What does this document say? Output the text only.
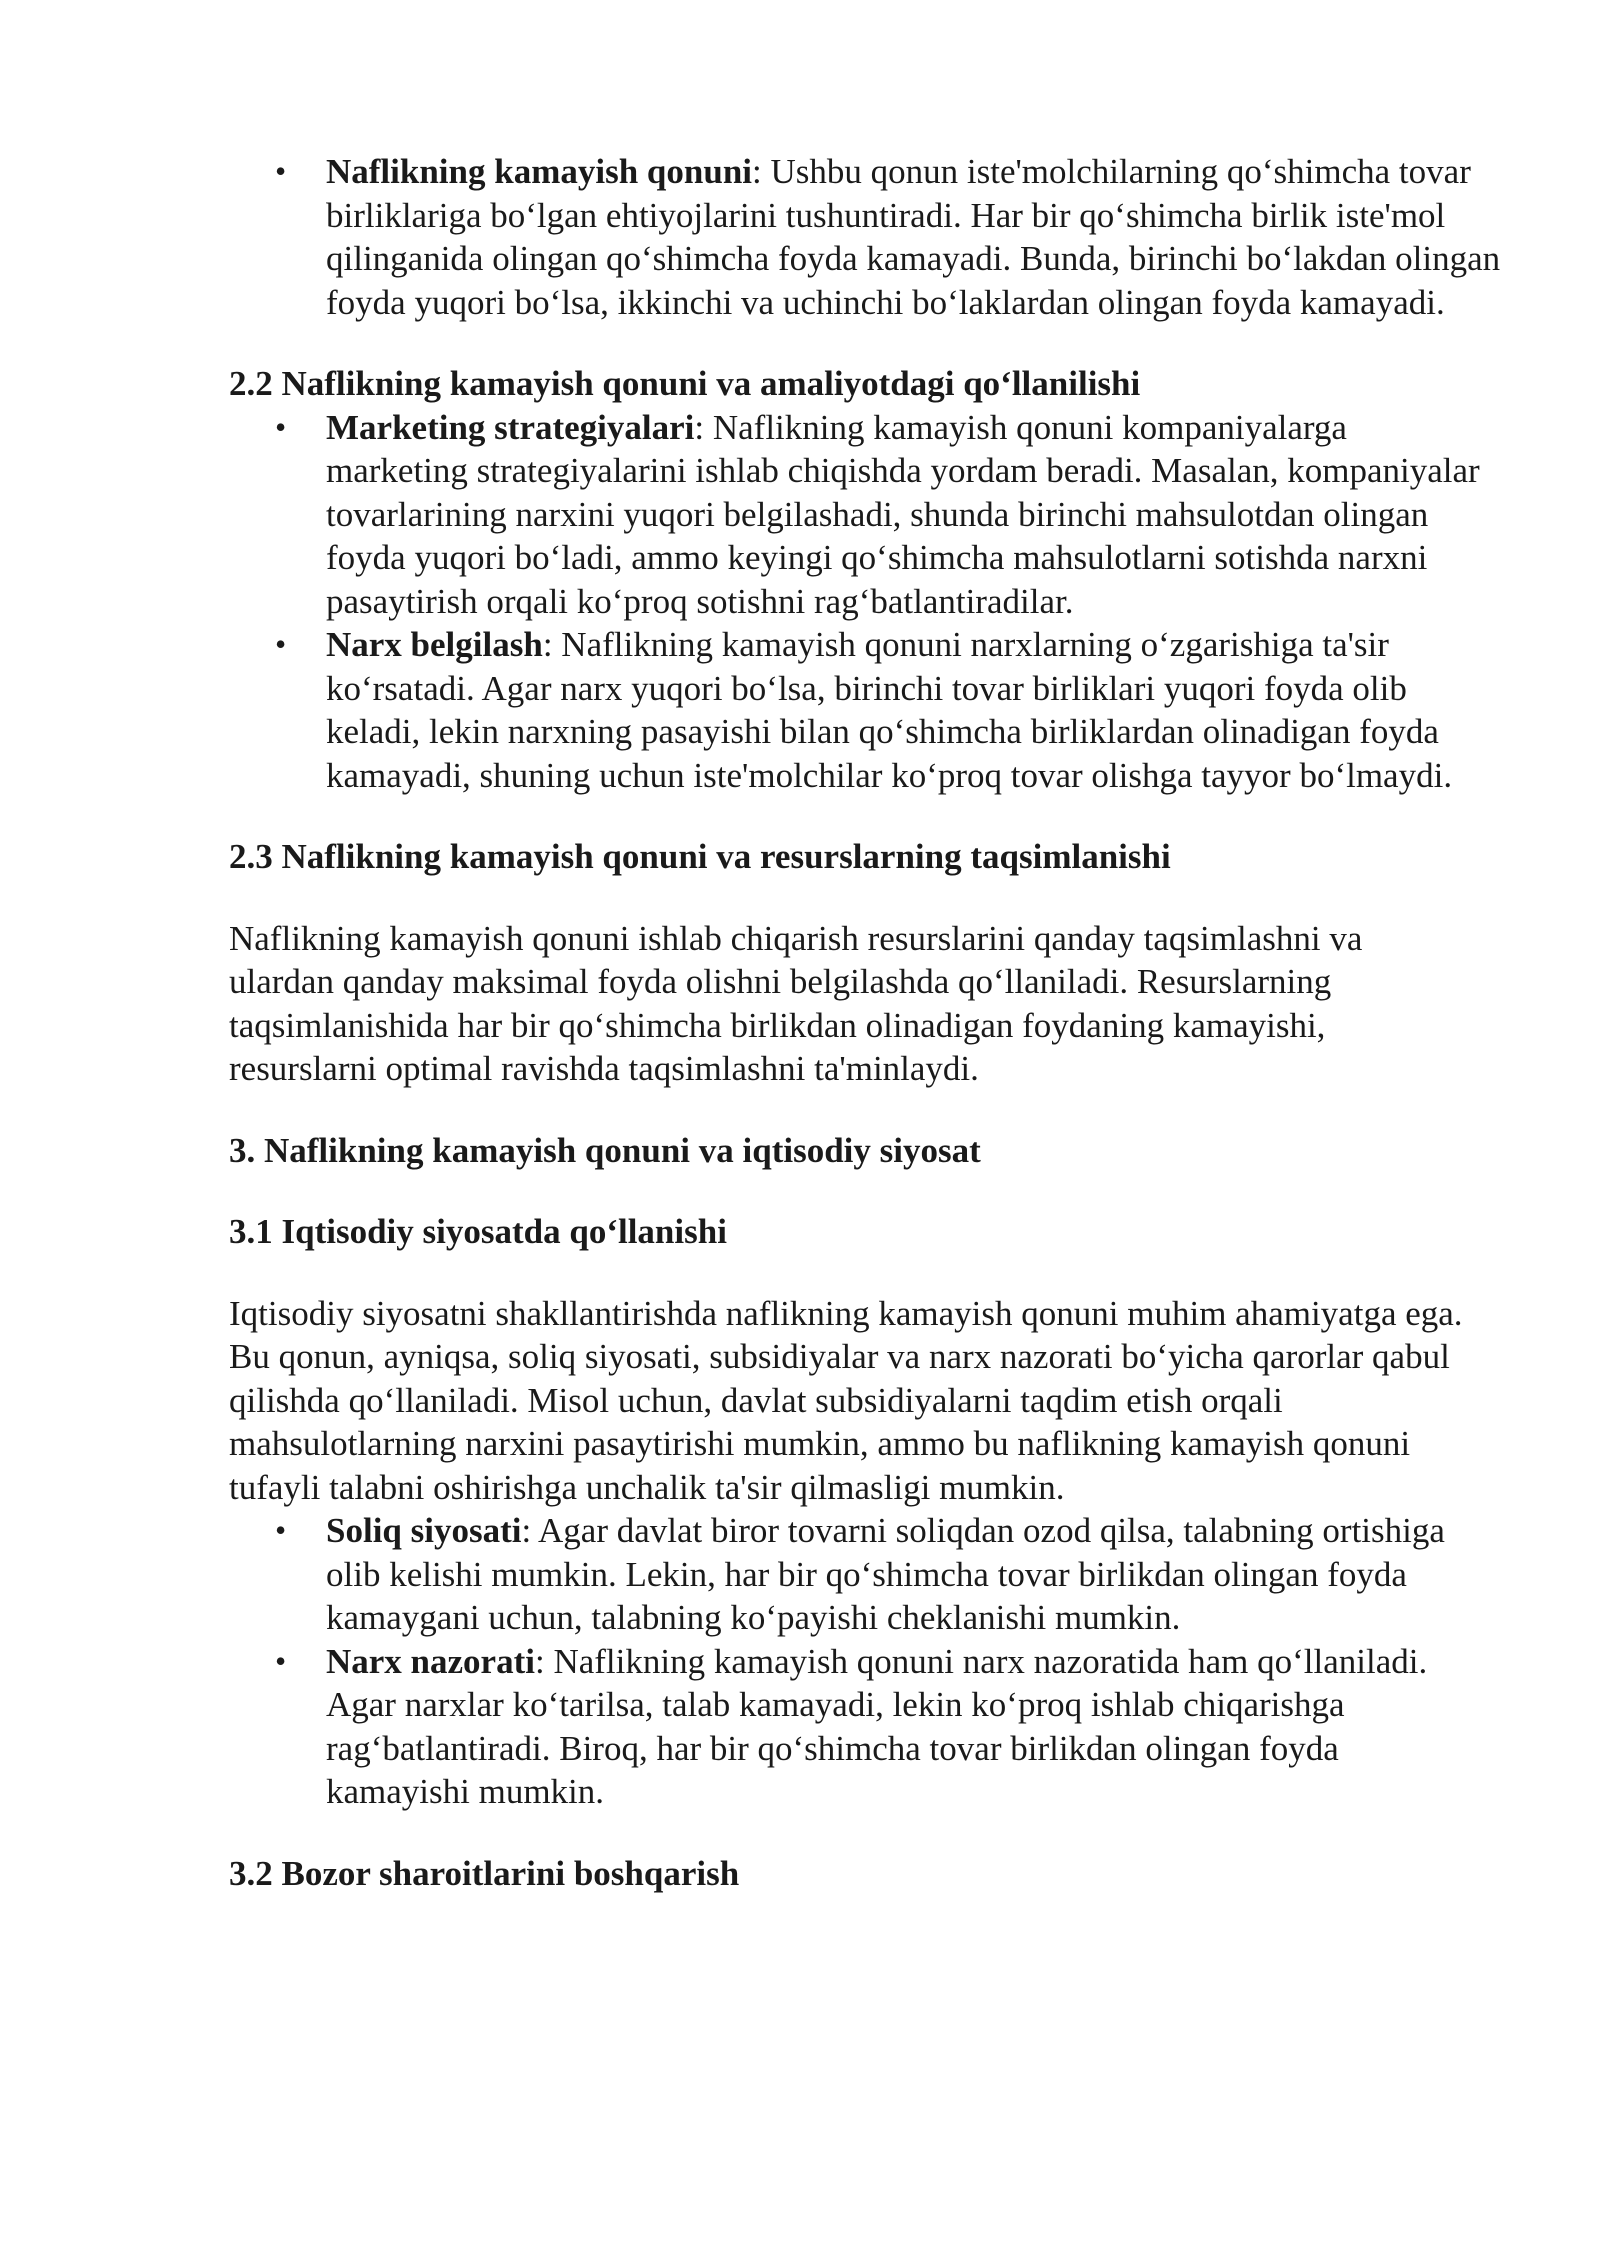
• Naflikning kamayish qonuni: Ushbu qonun iste'molchilarning qo‘shimcha tovar birliklariga bo‘lgan ehtiyojlarini tushuntiradi. Har bir qo‘shimcha birlik iste'mol qilinganida olingan qo‘shimcha foyda kamayadi. Bunda, birinchi bo‘lakdan olingan foyda yuqori bo‘lsa, ikkinchi va uchinchi bo‘laklardan olingan foyda kamayadi.
2.2 Naflikning kamayish qonuni va amaliyotdagi qo‘llanilishi
• Marketing strategiyalari: Naflikning kamayish qonuni kompaniyalarga marketing strategiyalarini ishlab chiqishda yordam beradi. Masalan, kompaniyalar tovarlarining narxini yuqori belgilashadi, shunda birinchi mahsulotdan olingan foyda yuqori bo‘ladi, ammo keyingi qo‘shimcha mahsulotlarni sotishda narxni pasaytirish orqali ko‘proq sotishni rag‘batlantiradilar.
• Narx belgilash: Naflikning kamayish qonuni narxlarning o‘zgarishiga ta'sir ko‘rsatadi. Agar narx yuqori bo‘lsa, birinchi tovar birliklari yuqori foyda olib keladi, lekin narxning pasayishi bilan qo‘shimcha birliklardan olinadigan foyda kamayadi, shuning uchun iste'molchilar ko‘proq tovar olishga tayyor bo‘lmaydi.
2.3 Naflikning kamayish qonuni va resurslarning taqsimlanishi

Naflikning kamayish qonuni ishlab chiqarish resurslarini qanday taqsimlashni va ulardan qanday maksimal foyda olishni belgilashda qo‘llaniladi. Resurslarning taqsimlanishida har bir qo‘shimcha birlikdan olinadigan foydaning kamayishi, resurslarni optimal ravishda taqsimlashni ta'minlaydi.

3. Naflikning kamayish qonuni va iqtisodiy siyosat
3.1 Iqtisodiy siyosatda qo‘llanishi

Iqtisodiy siyosatni shakllantirishda naflikning kamayish qonuni muhim ahamiyatga ega. Bu qonun, ayniqsa, soliq siyosati, subsidiyalar va narx nazorati bo‘yicha qarorlar qabul qilishda qo‘llaniladi. Misol uchun, davlat subsidiyalarni taqdim etish orqali mahsulotlarning narxini pasaytirishi mumkin, ammo bu naflikning kamayish qonuni tufayli talabni oshirishga unchalik ta'sir qilmasligi mumkin.

• Soliq siyosati: Agar davlat biror tovarni soliqdan ozod qilsa, talabning ortishiga olib kelishi mumkin. Lekin, har bir qo‘shimcha tovar birlikdan olingan foyda kamaygani uchun, talabning ko‘payishi cheklanishi mumkin.
• Narx nazorati: Naflikning kamayish qonuni narx nazoratida ham qo‘llaniladi. Agar narxlar ko‘tarilsa, talab kamayadi, lekin ko‘proq ishlab chiqarishga rag‘batlantiradi. Biroq, har bir qo‘shimcha tovar birlikdan olingan foyda kamayishi mumkin.
3.2 Bozor sharoitlarini boshqarish
